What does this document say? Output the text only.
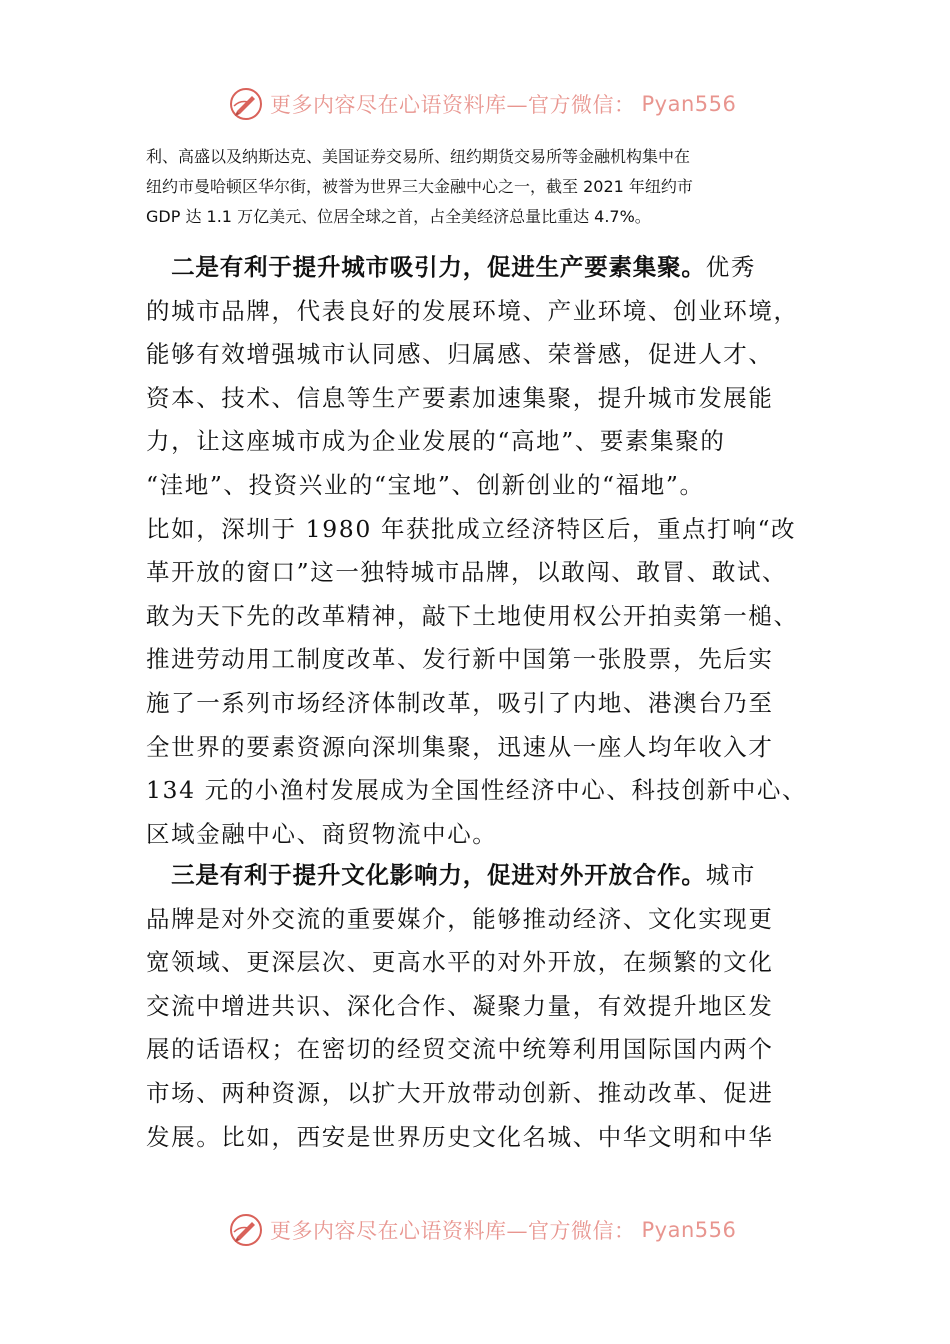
更多内容尽在心语资料库—官方微信： Pyan556
利、高盛以及纳斯达克、美国证券交易所、纽约期货交易所等金融机构集中在
纽约市曼哈顿区华尔街，被誉为世界三大金融中心之一，截至 2021 年纽约市
GDP 达 1.1 万亿美元、位居全球之首，占全美经济总量比重达 4.7%。
　二是有利于提升城市吸引力，促进生产要素集聚。优秀
的城市品牌，代表良好的发展环境、产业环境、创业环境，
能够有效增强城市认同感、归属感、荣誉感，促进人才、
资本、技术、信息等生产要素加速集聚，提升城市发展能
力，让这座城市成为企业发展的“高地”、要素集聚的
“洼地”、投资兴业的“宝地”、创新创业的“福地”。
比如，深圳于 1980 年获批成立经济特区后，重点打响“改
革开放的窗口”这一独特城市品牌，以敢闯、敢冒、敢试、
敢为天下先的改革精神，敲下土地使用权公开拍卖第一槌、
推进劳动用工制度改革、发行新中国第一张股票，先后实
施了一系列市场经济体制改革，吸引了内地、港澳台乃至
全世界的要素资源向深圳集聚，迅速从一座人均年收入才
134 元的小渔村发展成为全国性经济中心、科技创新中心、
区域金融中心、商贸物流中心。
　三是有利于提升文化影响力，促进对外开放合作。城市
品牌是对外交流的重要媒介，能够推动经济、文化实现更
宽领域、更深层次、更高水平的对外开放，在频繁的文化
交流中增进共识、深化合作、凝聚力量，有效提升地区发
展的话语权；在密切的经贸交流中统筹利用国际国内两个
市场、两种资源，以扩大开放带动创新、推动改革、促进
发展。比如，西安是世界历史文化名城、中华文明和中华
更多内容尽在心语资料库—官方微信： Pyan556
